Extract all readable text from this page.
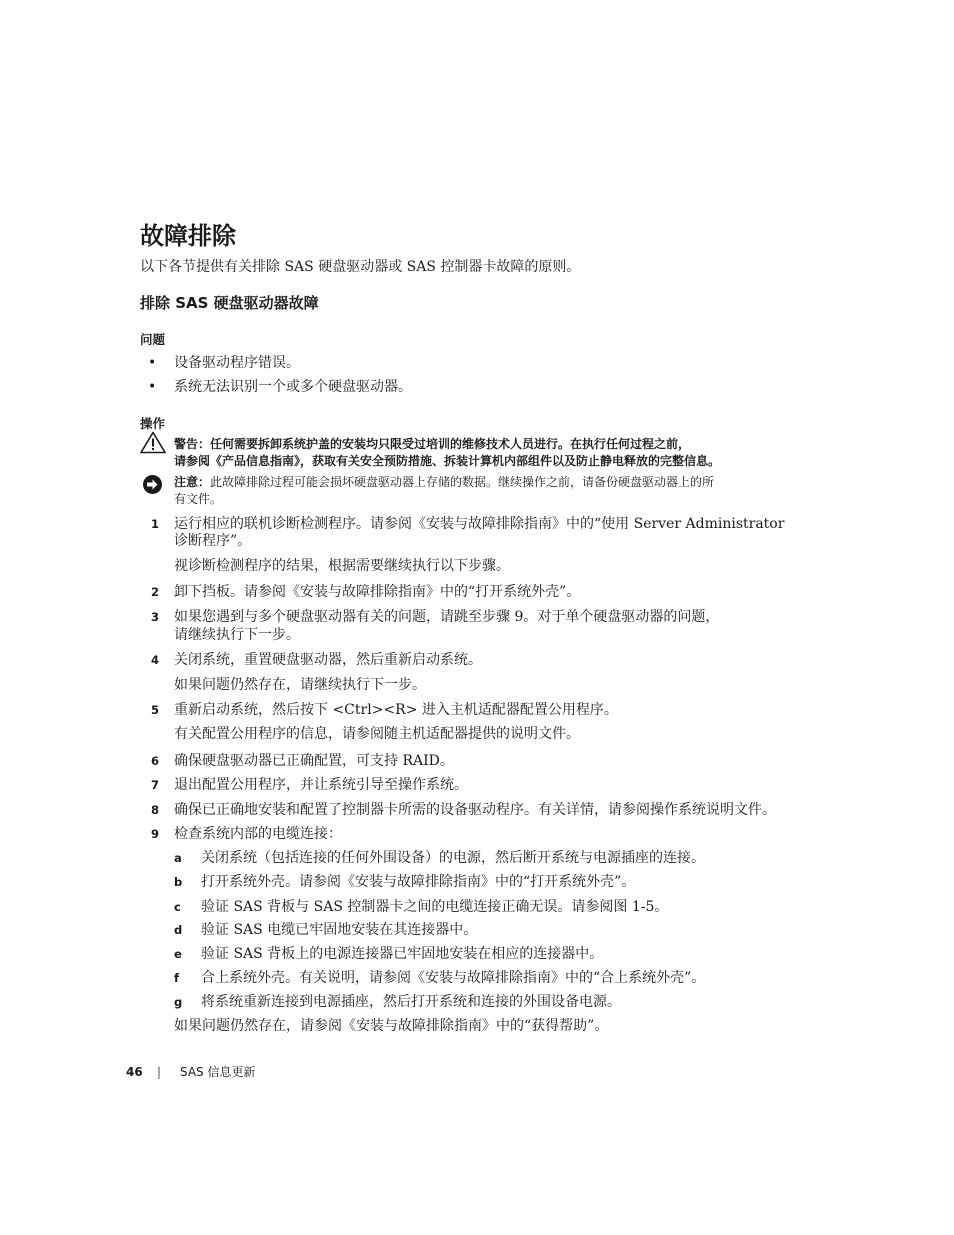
故障排除
以下各节提供有关排除 SAS 硬盘驱动器或 SAS 控制器卡故障的原则。
排除 SAS 硬盘驱动器故障
问题
• 设备驱动程序错误。
• 系统无法识别一个或多个硬盘驱动器。
操作
警告：任何需要拆卸系统护盖的安装均只限受过培训的维修技术人员进行。在执行任何过程之前，
请参阅《产品信息指南》，获取有关安全预防措施、拆装计算机内部组件以及防止静电释放的完整信息。
注意：此故障排除过程可能会损坏硬盘驱动器上存储的数据。继续操作之前，请备份硬盘驱动器上的所
有文件。
1 运行相应的联机诊断检测程序。请参阅《安装与故障排除指南》中的“使用 Server Administrator
诊断程序”。
视诊断检测程序的结果，根据需要继续执行以下步骤。
2 卸下挡板。请参阅《安装与故障排除指南》中的“打开系统外壳”。
3 如果您遇到与多个硬盘驱动器有关的问题，请跳至步骤 9。对于单个硬盘驱动器的问题，
请继续执行下一步。
4 关闭系统，重置硬盘驱动器，然后重新启动系统。
如果问题仍然存在，请继续执行下一步。
5 重新启动系统，然后按下 <Ctrl><R> 进入主机适配器配置公用程序。
有关配置公用程序的信息，请参阅随主机适配器提供的说明文件。
6 确保硬盘驱动器已正确配置，可支持 RAID。
7 退出配置公用程序，并让系统引导至操作系统。
8 确保已正确地安装和配置了控制器卡所需的设备驱动程序。有关详情，请参阅操作系统说明文件。
9 检查系统内部的电缆连接：
a 关闭系统（包括连接的任何外围设备）的电源，然后断开系统与电源插座的连接。
b 打开系统外壳。请参阅《安装与故障排除指南》中的“打开系统外壳”。
c 验证 SAS 背板与 SAS 控制器卡之间的电缆连接正确无误。请参阅图 1-5。
d 验证 SAS 电缆已牢固地安装在其连接器中。
e 验证 SAS 背板上的电源连接器已牢固地安装在相应的连接器中。
f 合上系统外壳。有关说明，请参阅《安装与故障排除指南》中的“合上系统外壳”。
g 将系统重新连接到电源插座，然后打开系统和连接的外围设备电源。
如果问题仍然存在，请参阅《安装与故障排除指南》中的“获得帮助”。
46 | SAS 信息更新
